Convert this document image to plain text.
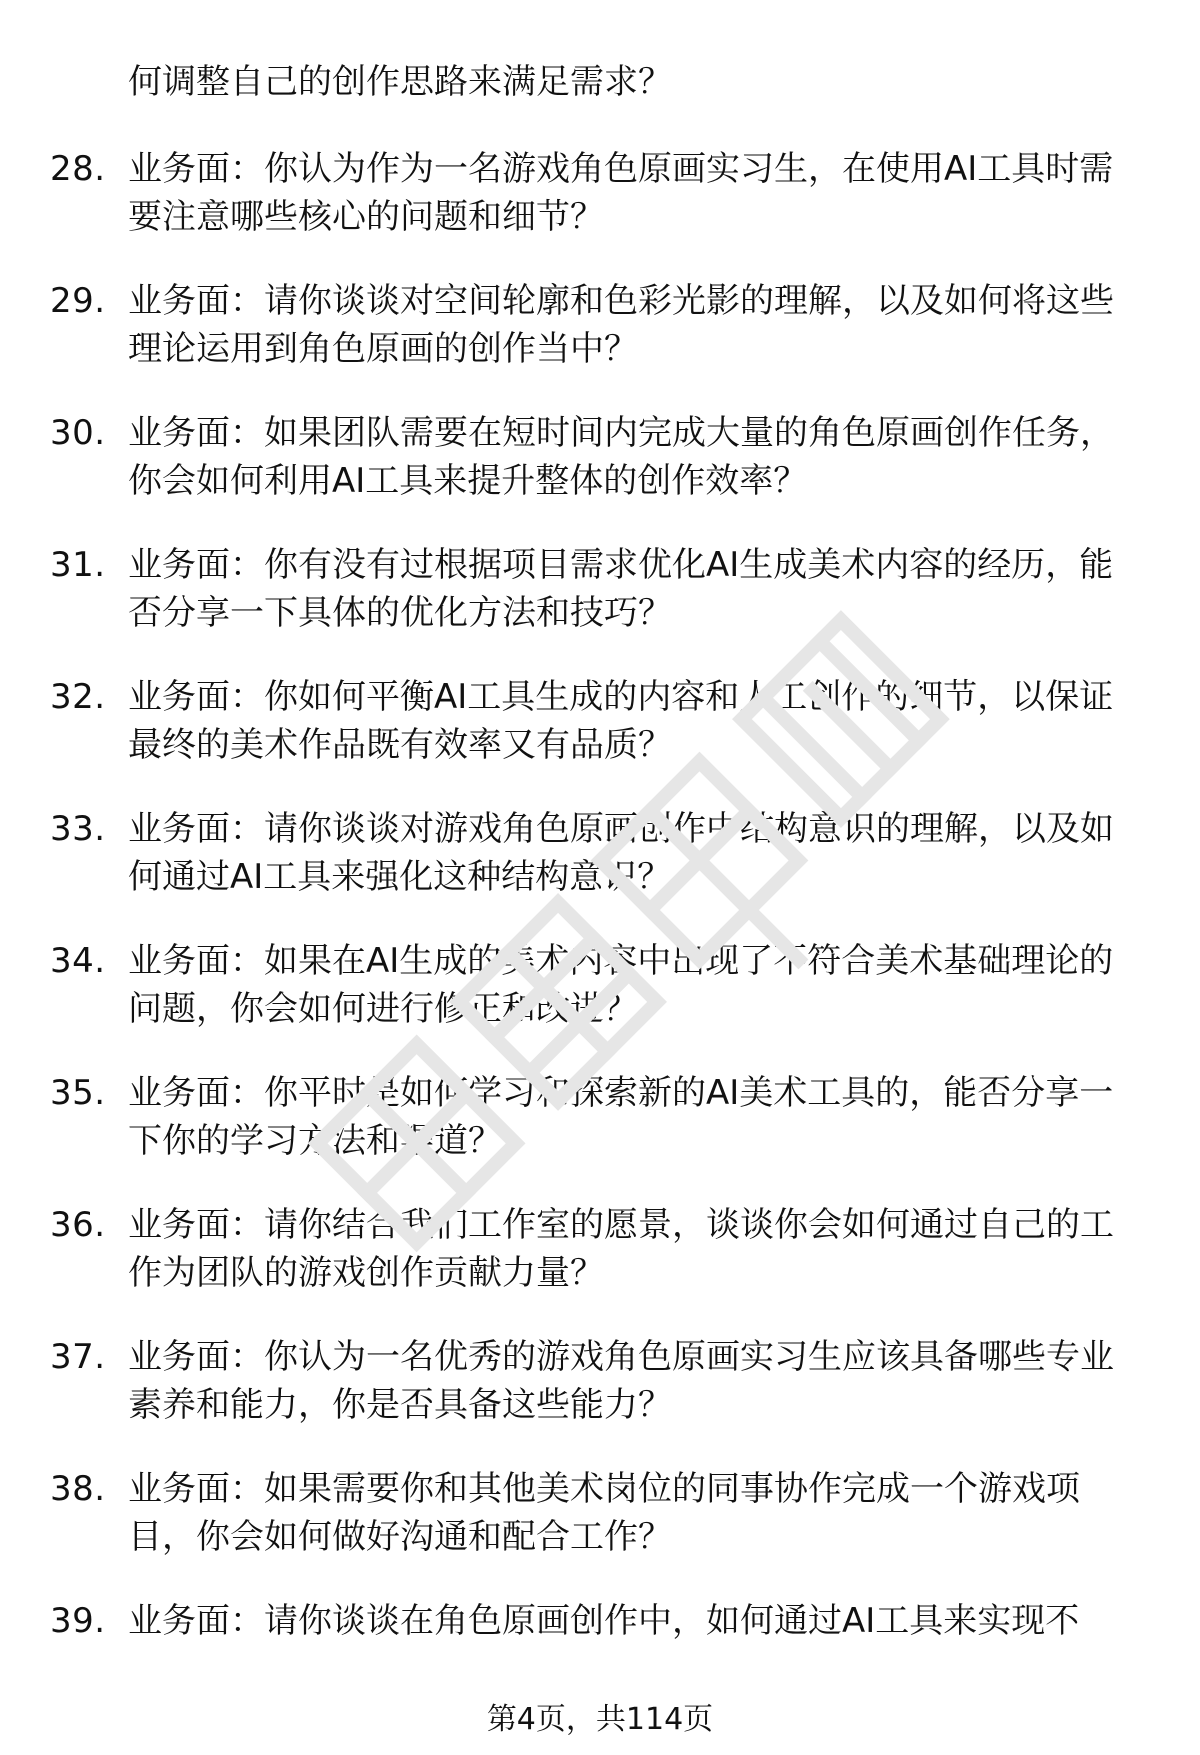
何调整自己的创作思路来满足需求？
28. 业务面：你认为作为一名游戏角色原画实习生，在使用AI工具时需要注意哪些核心的问题和细节？
29. 业务面：请你谈谈对空间轮廓和色彩光影的理解，以及如何将这些理论运用到角色原画的创作当中？
30. 业务面：如果团队需要在短时间内完成大量的角色原画创作任务，你会如何利用AI工具来提升整体的创作效率？
31. 业务面：你有没有过根据项目需求优化AI生成美术内容的经历，能否分享一下具体的优化方法和技巧？
32. 业务面：你如何平衡AI工具生成的内容和人工创作的细节，以保证最终的美术作品既有效率又有品质？
33. 业务面：请你谈谈对游戏角色原画创作中结构意识的理解，以及如何通过AI工具来强化这种结构意识？
34. 业务面：如果在AI生成的美术内容中出现了不符合美术基础理论的问题，你会如何进行修正和改进？
35. 业务面：你平时是如何学习和探索新的AI美术工具的，能否分享一下你的学习方法和渠道？
36. 业务面：请你结合我们工作室的愿景，谈谈你会如何通过自己的工作为团队的游戏创作贡献力量？
37. 业务面：你认为一名优秀的游戏角色原画实习生应该具备哪些专业素养和能力，你是否具备这些能力？
38. 业务面：如果需要你和其他美术岗位的同事协作完成一个游戏项目，你会如何做好沟通和配合工作？
39. 业务面：请你谈谈在角色原画创作中，如何通过AI工具来实现不
第4页，共114页
